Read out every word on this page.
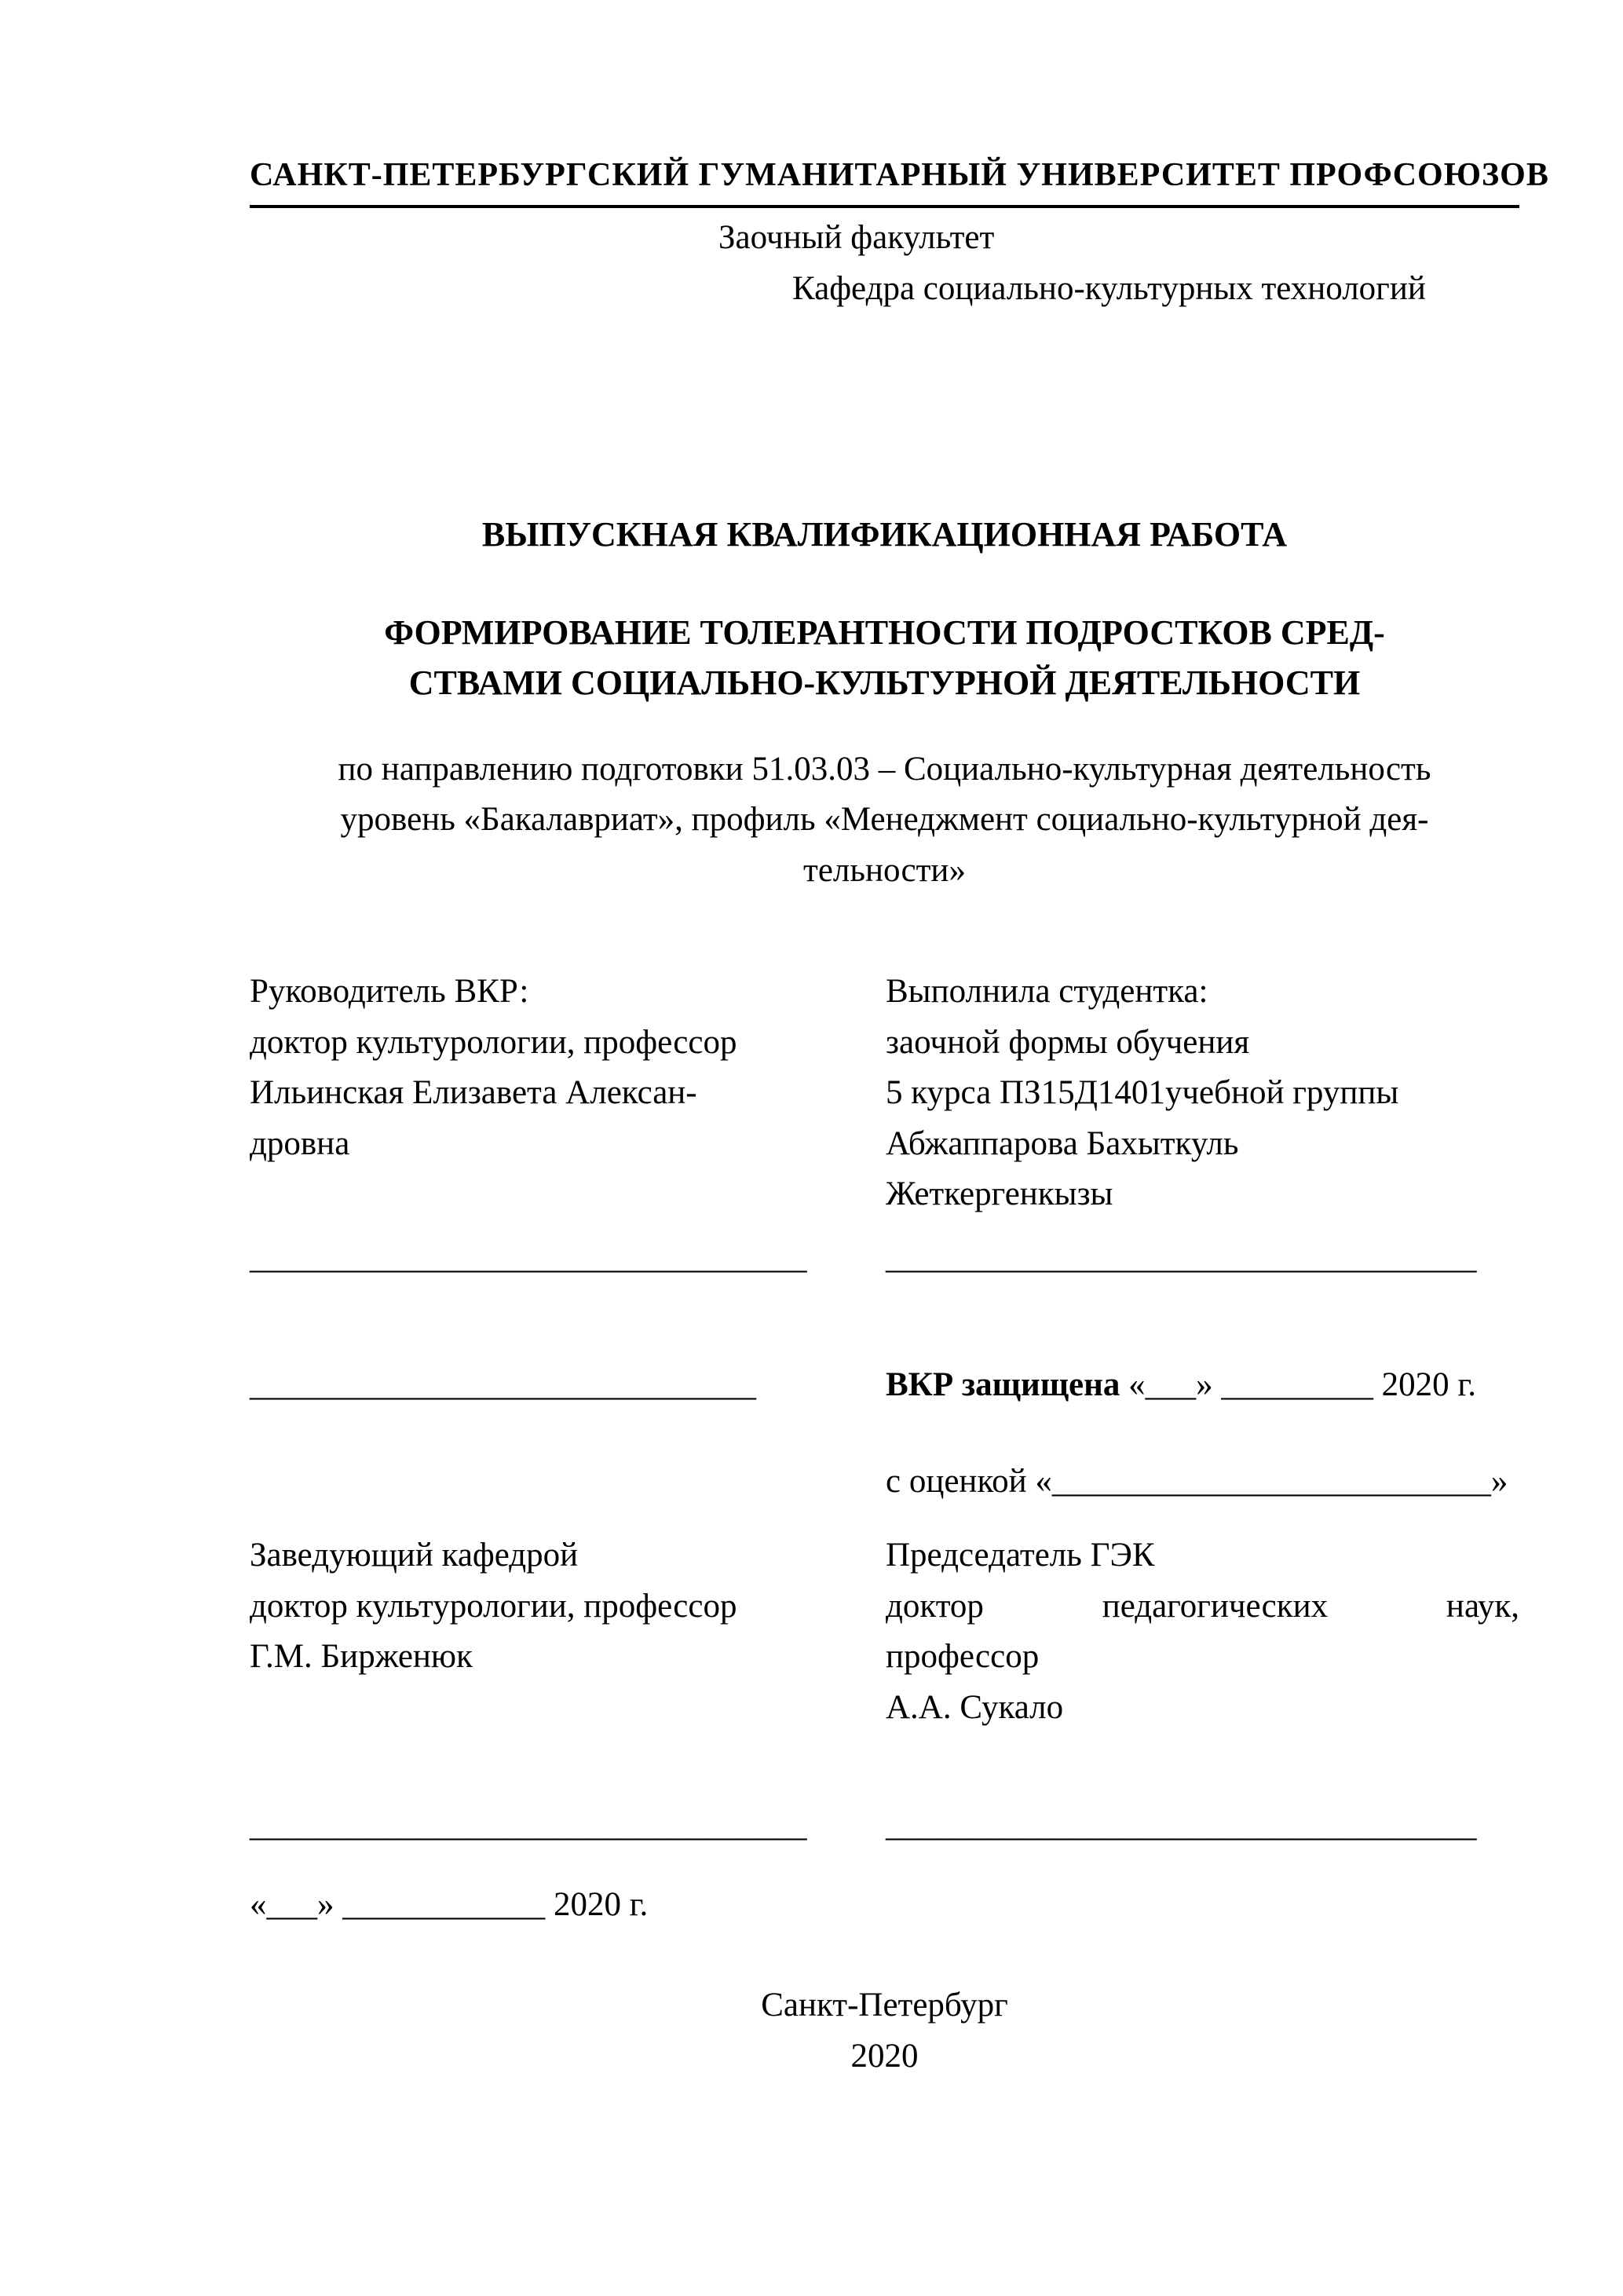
САНКТ-ПЕТЕРБУРГСКИЙ ГУМАНИТАРНЫЙ УНИВЕРСИТЕТ ПРОФСОЮЗОВ
Заочный факультет
Кафедра социально-культурных технологий
ВЫПУСКНАЯ КВАЛИФИКАЦИОННАЯ РАБОТА
ФОРМИРОВАНИЕ ТОЛЕРАНТНОСТИ ПОДРОСТКОВ СРЕД-
СТВАМИ СОЦИАЛЬНО-КУЛЬТУРНОЙ ДЕЯТЕЛЬНОСТИ
по направлению подготовки 51.03.03 – Социально-культурная деятельность
уровень «Бакалавриат», профиль «Менеджмент социально-культурной дея-
тельности»
Руководитель ВКР:
доктор культурологии, профессор
Ильинская Елизавета Алексан-
дровна
Выполнила студентка:
заочной формы обучения
5 курса ПЗ15Д1401учебной группы
Абжаппарова Бахыткуль
Жеткергенкызы
_________________________________	___________________________________
______________________________	ВКР защищена «___» _________ 2020 г.
с оценкой «__________________________»
Заведующий кафедрой
доктор культурологии, профессор
Г.М. Бирженюк
Председатель ГЭК
доктор педагогических наук,
профессор
А.А. Сукало
_________________________________	___________________________________
«___» ____________ 2020 г.
Санкт-Петербург
2020
